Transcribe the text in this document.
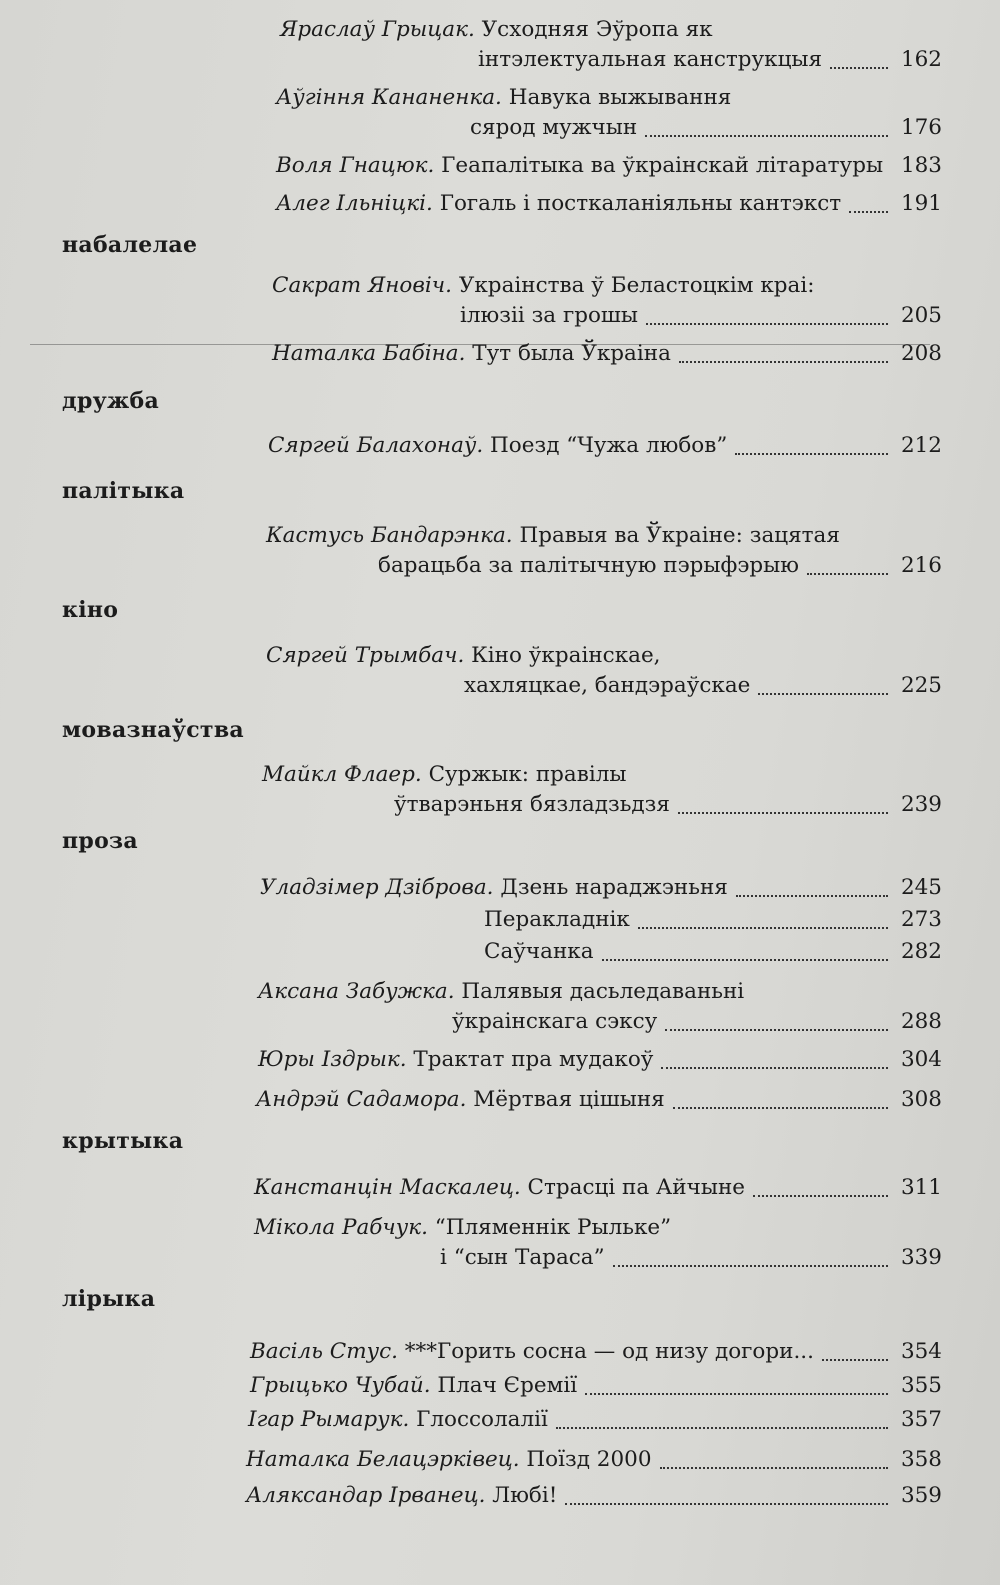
Яраслаў Грыцак. Усходняя Эўропа як
інтэлектуальная канструкцыя	162
Аўгіння Кананенка. Навука выжывання
сярод мужчын	176
Воля Гнацюк. Геапалітыка ва ўкраінскай літаратуры 183
Алег Ільніцкі. Гогаль і посткаланіяльны кантэкст	191
набалелае
Сакрат Яновіч. Украінства ў Беластоцкім краі:
ілюзіі за грошы	205
Наталка Бабіна. Тут была Ўкраіна	208
дружба
Сяргей Балахонаў. Поезд “Чужа любов”	212
палітыка
Кастусь Бандарэнка. Правыя ва Ўкраіне: зацятая
барацьба за палітычную пэрыфэрыю	216
кіно
Сяргей Трымбач. Кіно ўкраінскае,
хахляцкае, бандэраўскае	225
мовазнаўства
Майкл Флаер. Суржык: правілы
ўтварэньня бязладзьдзя	239
проза
Уладзімер Дзіброва. Дзень нараджэньня	245
Перакладнік	273
Саўчанка	282
Аксана Забужка. Палявыя дасьледаваньні
ўкраінскага сэксу	288
Юры Іздрык. Трактат пра мудакоў	304
Андрэй Садамора. Мёртвая цішыня	308
крытыка
Канстанцін Маскалец. Страсці па Айчыне	311
Мікола Рабчук. “Пляменнік Рыльке”
і “сын Тараса”	339
лірыка
Васіль Стус. ***Горить сосна — од низу догори...	354
Грыцько Чубай. Плач Єремії	355
Ігар Рымарук. Глоссолалії	357
Наталка Белацэрківец. Поїзд 2000	358
Аляксандар Ірванец. Любі!	359
